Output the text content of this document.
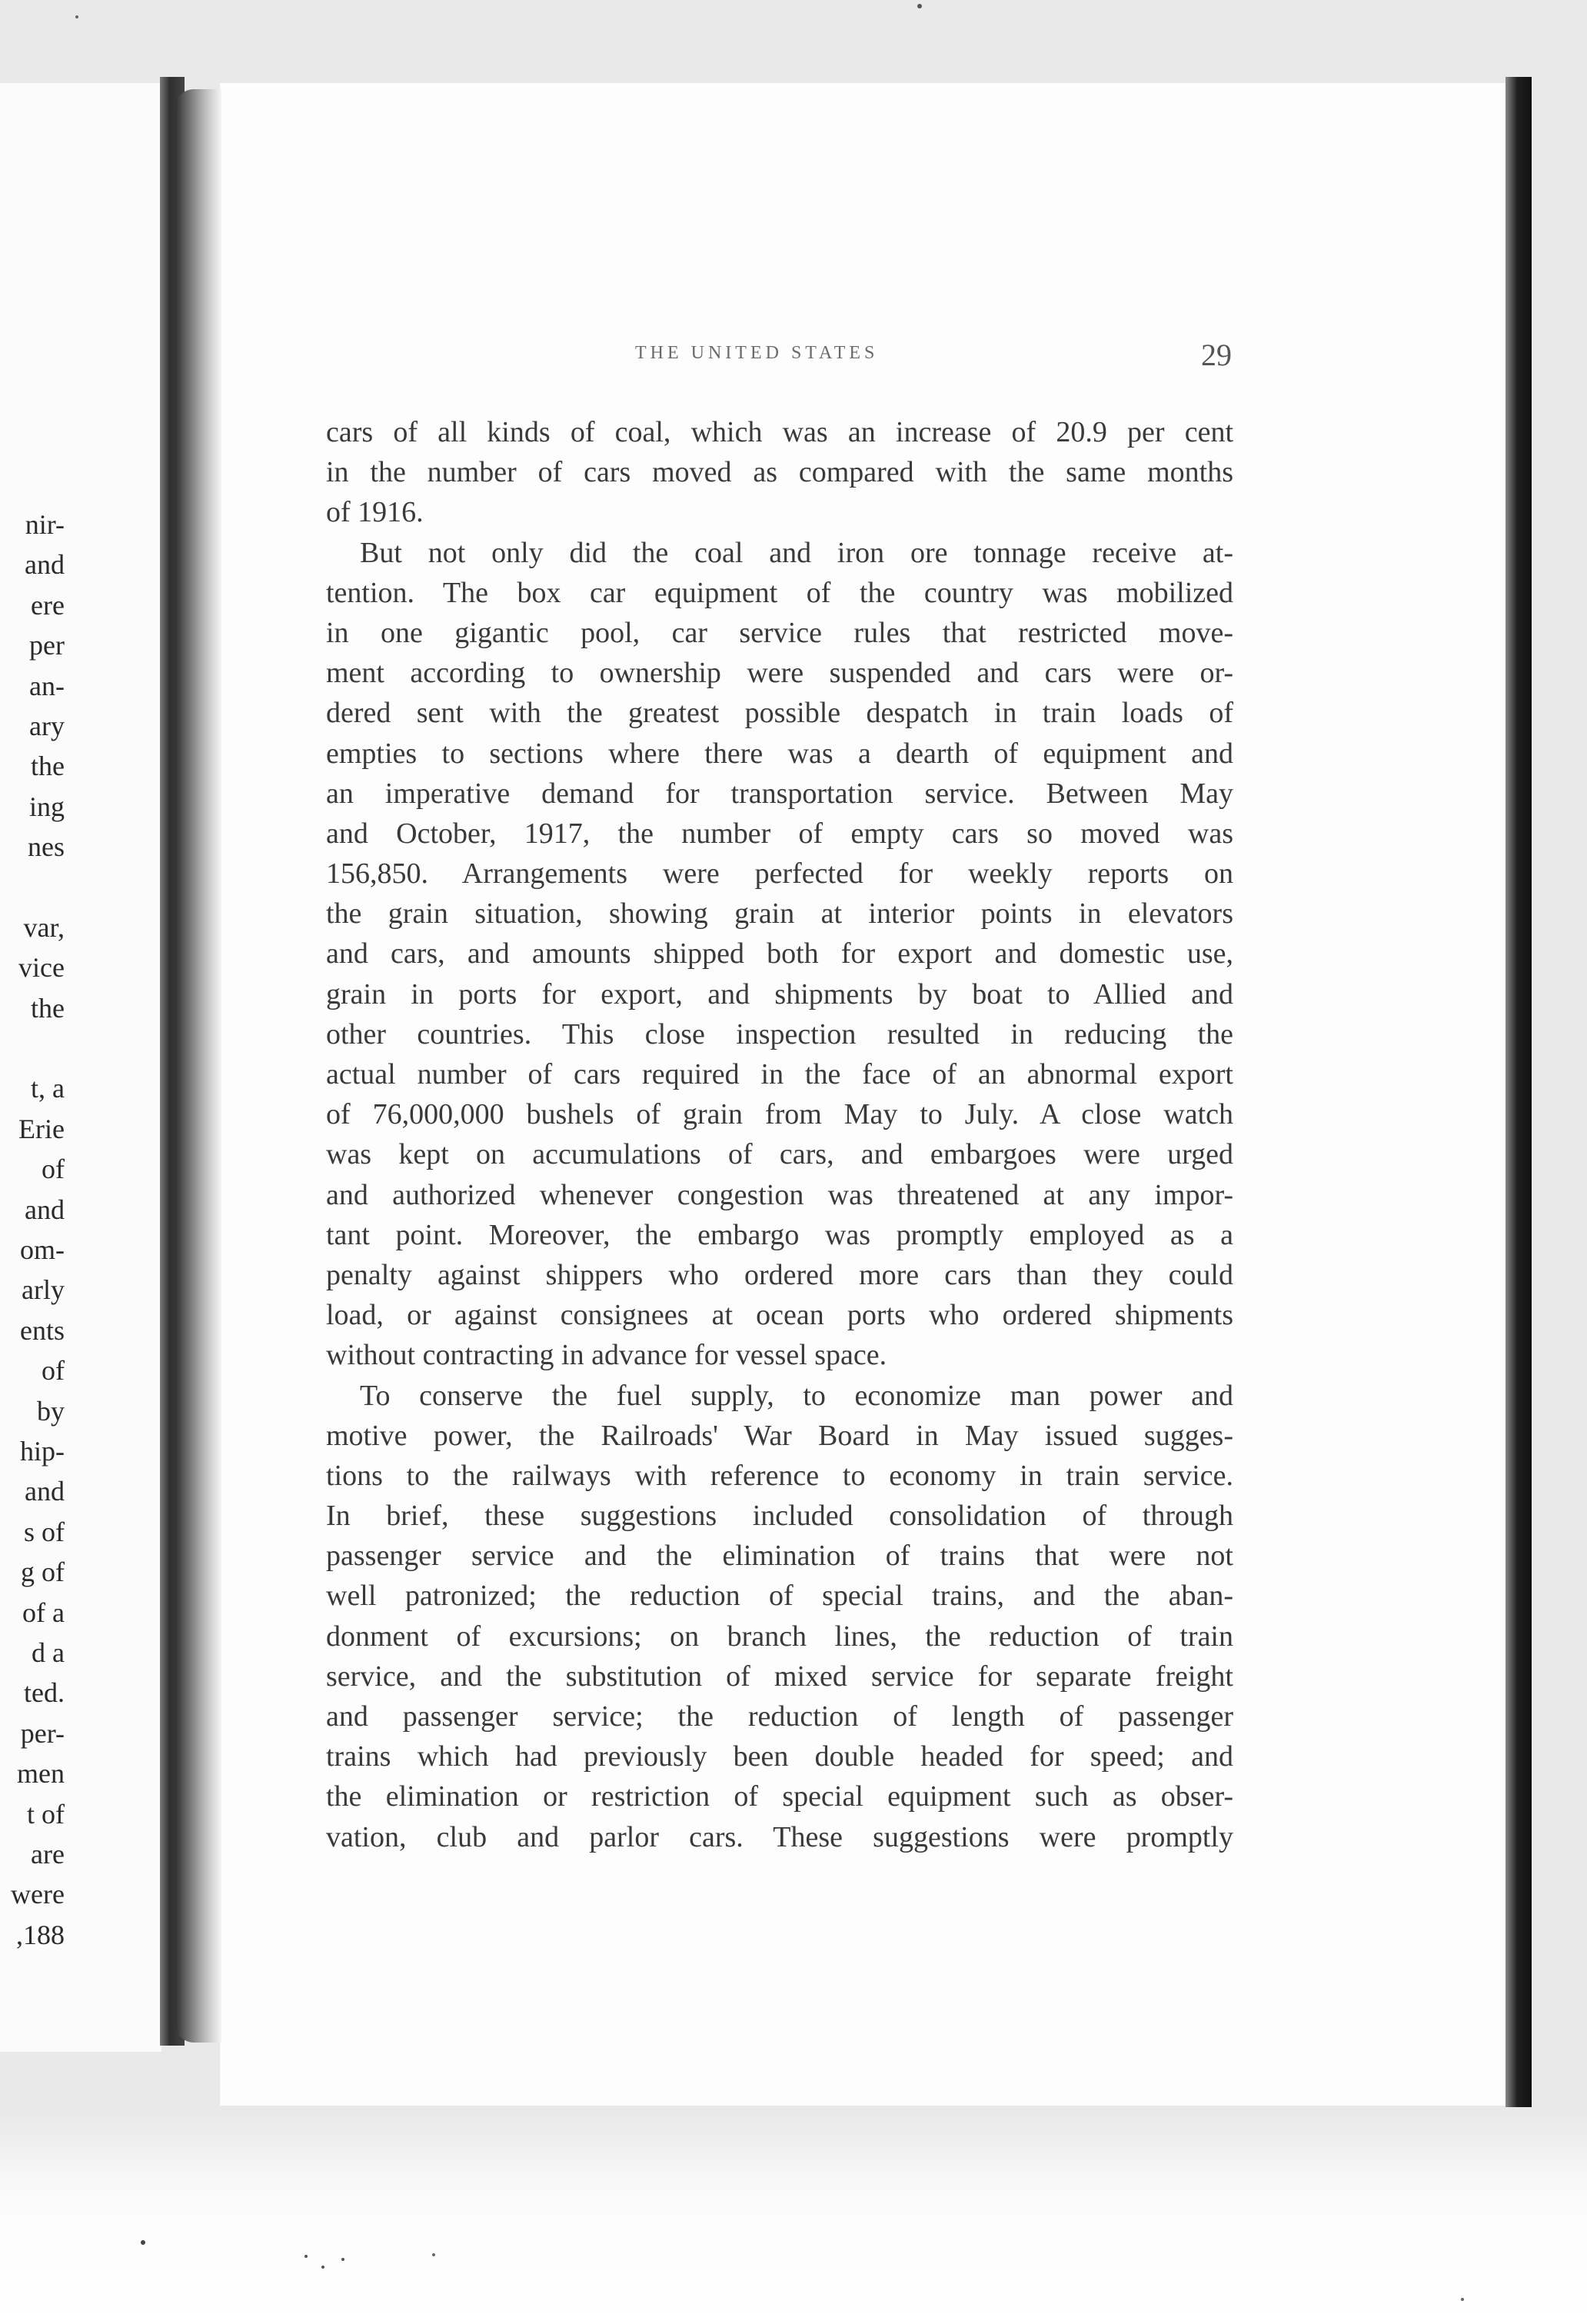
nir-
and
ere
per
an-
ary
the
ing
nes
var,
vice
the
t, a
Erie
of
and
om-
arly
ents
of
by
hip-
and
s of
g of
of a
d a
ted.
per-
men
t of
are
were
,188
THE UNITED STATES	29
cars of all kinds of coal, which was an increase of 20.9 per cent
in the number of cars moved as compared with the same months
of 1916.
But not only did the coal and iron ore tonnage receive at-
tention. The box car equipment of the country was mobilized
in one gigantic pool, car service rules that restricted move-
ment according to ownership were suspended and cars were or-
dered sent with the greatest possible despatch in train loads of
empties to sections where there was a dearth of equipment and
an imperative demand for transportation service. Between May
and October, 1917, the number of empty cars so moved was
156,850. Arrangements were perfected for weekly reports on
the grain situation, showing grain at interior points in elevators
and cars, and amounts shipped both for export and domestic use,
grain in ports for export, and shipments by boat to Allied and
other countries. This close inspection resulted in reducing the
actual number of cars required in the face of an abnormal export
of 76,000,000 bushels of grain from May to July. A close watch
was kept on accumulations of cars, and embargoes were urged
and authorized whenever congestion was threatened at any impor-
tant point. Moreover, the embargo was promptly employed as a
penalty against shippers who ordered more cars than they could
load, or against consignees at ocean ports who ordered shipments
without contracting in advance for vessel space.
To conserve the fuel supply, to economize man power and
motive power, the Railroads' War Board in May issued sugges-
tions to the railways with reference to economy in train service.
In brief, these suggestions included consolidation of through
passenger service and the elimination of trains that were not
well patronized; the reduction of special trains, and the aban-
donment of excursions; on branch lines, the reduction of train
service, and the substitution of mixed service for separate freight
and passenger service; the reduction of length of passenger
trains which had previously been double headed for speed; and
the elimination or restriction of special equipment such as obser-
vation, club and parlor cars. These suggestions were promptly
